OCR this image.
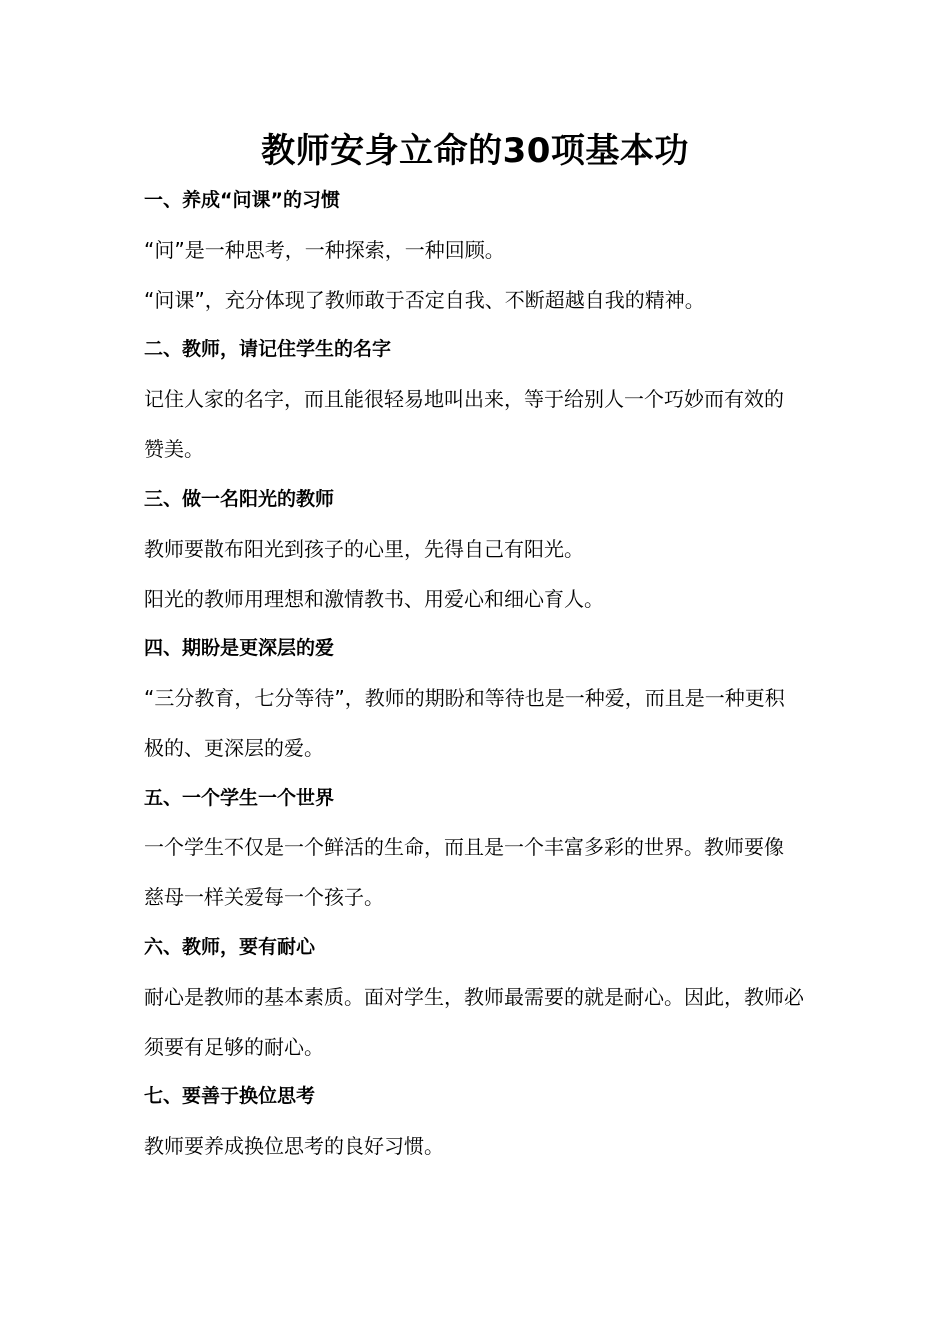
教师安身立命的30项基本功
一、养成“问课”的习惯
“问”是一种思考，一种探索，一种回顾。
“问课”，充分体现了教师敢于否定自我、不断超越自我的精神。
二、教师，请记住学生的名字
记住人家的名字，而且能很轻易地叫出来，等于给别人一个巧妙而有效的
赞美。
三、做一名阳光的教师
教师要散布阳光到孩子的心里，先得自己有阳光。
阳光的教师用理想和激情教书、用爱心和细心育人。
四、期盼是更深层的爱
“三分教育，七分等待”，教师的期盼和等待也是一种爱，而且是一种更积
极的、更深层的爱。
五、一个学生一个世界
一个学生不仅是一个鲜活的生命，而且是一个丰富多彩的世界。教师要像
慈母一样关爱每一个孩子。
六、教师，要有耐心
耐心是教师的基本素质。面对学生，教师最需要的就是耐心。因此，教师必
须要有足够的耐心。
七、要善于换位思考
教师要养成换位思考的良好习惯。
